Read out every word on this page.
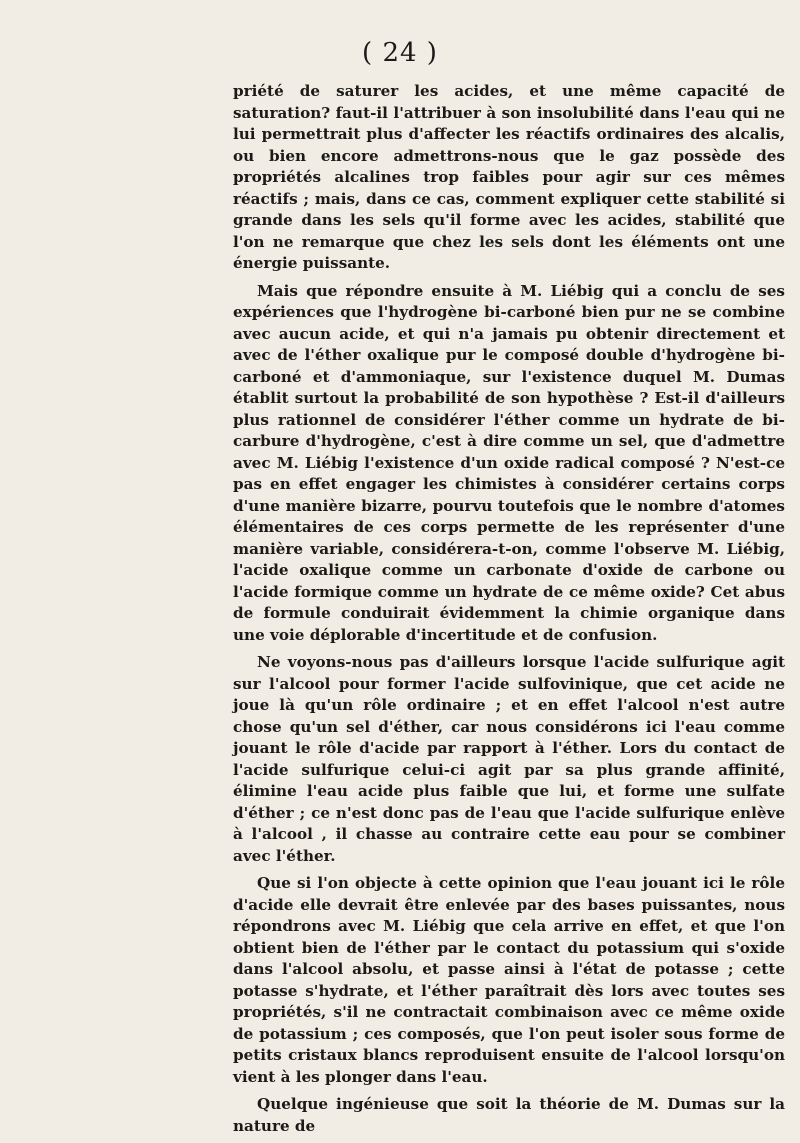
( 24 )

priété de saturer les acides, et une même capacité de saturation? faut-il l'attribuer à son insolubilité dans l'eau qui ne lui permettrait plus d'affecter les réactifs ordinaires des alcalis, ou bien encore admettrons-nous que le gaz possède des propriétés alcalines trop faibles pour agir sur ces mêmes réactifs ; mais, dans ce cas, comment expliquer cette stabilité si grande dans les sels qu'il forme avec les acides, stabilité que l'on ne remarque que chez les sels dont les éléments ont une énergie puissante.

Mais que répondre ensuite à M. Liébig qui a conclu de ses expériences que l'hydrogène bi-carboné bien pur ne se combine avec aucun acide, et qui n'a jamais pu obtenir directement et avec de l'éther oxalique pur le composé double d'hydrogène bi-carboné et d'ammoniaque, sur l'existence duquel M. Dumas établit surtout la probabilité de son hypothèse ? Est-il d'ailleurs plus rationnel de considérer l'éther comme un hydrate de bi-carbure d'hydrogène, c'est à dire comme un sel, que d'admettre avec M. Liébig l'existence d'un oxide radical composé ? N'est-ce pas en effet engager les chimistes à considérer certains corps d'une manière bizarre, pourvu toutefois que le nombre d'atomes élémentaires de ces corps permette de les représenter d'une manière variable, considérera-t-on, comme l'observe M. Liébig, l'acide oxalique comme un carbonate d'oxide de carbone ou l'acide formique comme un hydrate de ce même oxide? Cet abus de formule conduirait évidemment la chimie organique dans une voie déplorable d'incertitude et de confusion.

Ne voyons-nous pas d'ailleurs lorsque l'acide sulfurique agit sur l'alcool pour former l'acide sulfovinique, que cet acide ne joue là qu'un rôle ordinaire ; et en effet l'alcool n'est autre chose qu'un sel d'éther, car nous considérons ici l'eau comme jouant le rôle d'acide par rapport à l'éther. Lors du contact de l'acide sulfurique celui-ci agit par sa plus grande affinité, élimine l'eau acide plus faible que lui, et forme une sulfate d'éther ; ce n'est donc pas de l'eau que l'acide sulfurique enlève à l'alcool , il chasse au contraire cette eau pour se combiner avec l'éther.

Que si l'on objecte à cette opinion que l'eau jouant ici le rôle d'acide elle devrait être enlevée par des bases puissantes, nous répondrons avec M. Liébig que cela arrive en effet, et que l'on obtient bien de l'éther par le contact du potassium qui s'oxide dans l'alcool absolu, et passe ainsi à l'état de potasse ; cette potasse s'hydrate, et l'éther paraîtrait dès lors avec toutes ses propriétés, s'il ne contractait combinaison avec ce même oxide de potassium ; ces composés, que l'on peut isoler sous forme de petits cristaux blancs reproduisent ensuite de l'alcool lorsqu'on vient à les plonger dans l'eau.

Quelque ingénieuse que soit la théorie de M. Dumas sur la nature de
